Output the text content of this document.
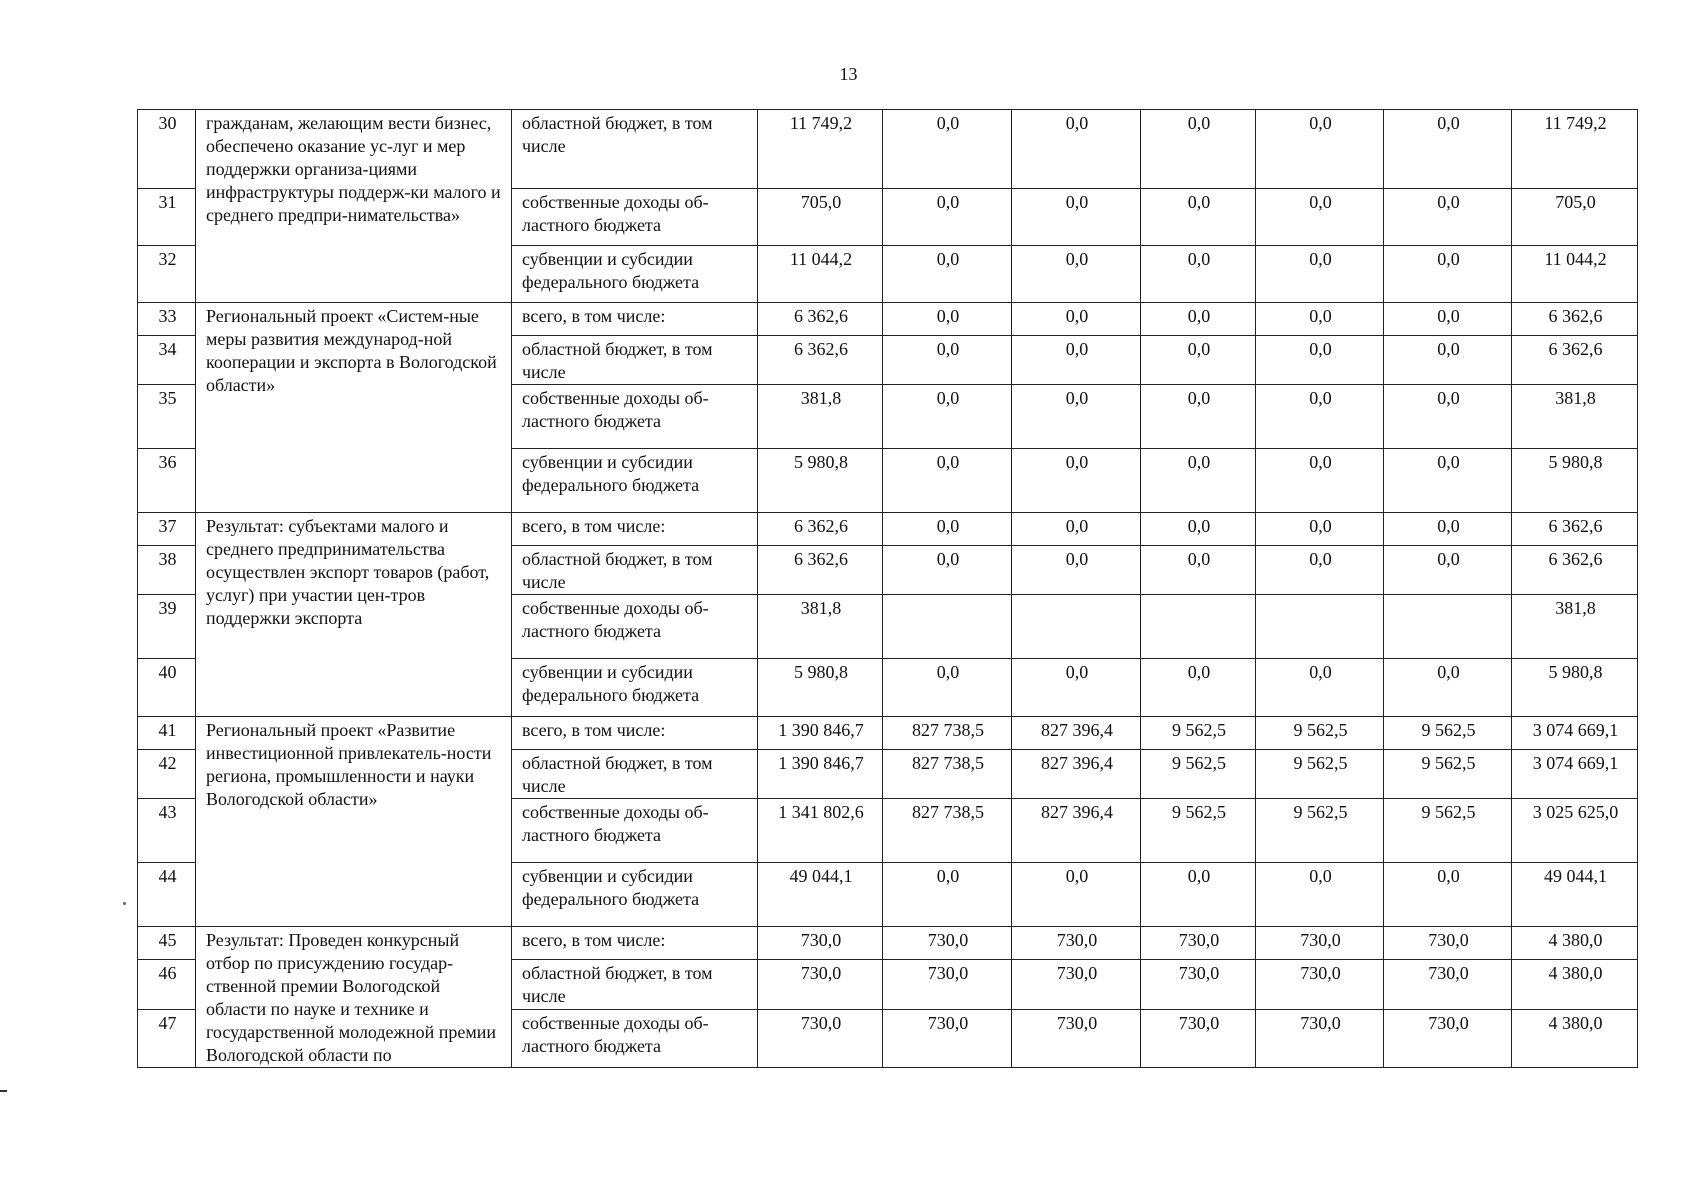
13
30	гражданам, желающим вести бизнес, обеспечено оказание ус-луг и мер поддержки организа-циями инфраструктуры поддерж-ки малого и среднего предпри-нимательства»	областной бюджет, в том числе	11 749,2	0,0	0,0	0,0	0,0	0,0	11 749,2
31		собственные доходы об-ластного бюджета	705,0	0,0	0,0	0,0	0,0	0,0	705,0
32		субвенции и субсидии федерального бюджета	11 044,2	0,0	0,0	0,0	0,0	0,0	11 044,2
33	Региональный проект «Систем-ные меры развития международ-ной кооперации и экспорта в Вологодской области»	всего, в том числе:	6 362,6	0,0	0,0	0,0	0,0	0,0	6 362,6
34		областной бюджет, в том числе	6 362,6	0,0	0,0	0,0	0,0	0,0	6 362,6
35		собственные доходы об-ластного бюджета	381,8	0,0	0,0	0,0	0,0	0,0	381,8
36		субвенции и субсидии федерального бюджета	5 980,8	0,0	0,0	0,0	0,0	0,0	5 980,8
37	Результат: субъектами малого и среднего предпринимательства осуществлен экспорт товаров (работ, услуг) при участии цен-тров поддержки экспорта	всего, в том числе:	6 362,6	0,0	0,0	0,0	0,0	0,0	6 362,6
38		областной бюджет, в том числе	6 362,6	0,0	0,0	0,0	0,0	0,0	6 362,6
39		собственные доходы об-ластного бюджета	381,8						381,8
40		субвенции и субсидии федерального бюджета	5 980,8	0,0	0,0	0,0	0,0	0,0	5 980,8
41	Региональный проект «Развитие инвестиционной привлекатель-ности региона, промышленности и науки Вологодской области»	всего, в том числе:	1 390 846,7	827 738,5	827 396,4	9 562,5	9 562,5	9 562,5	3 074 669,1
42		областной бюджет, в том числе	1 390 846,7	827 738,5	827 396,4	9 562,5	9 562,5	9 562,5	3 074 669,1
43		собственные доходы об-ластного бюджета	1 341 802,6	827 738,5	827 396,4	9 562,5	9 562,5	9 562,5	3 025 625,0
44		субвенции и субсидии федерального бюджета	49 044,1	0,0	0,0	0,0	0,0	0,0	49 044,1
45	Результат: Проведен конкурсный отбор по присуждению государ-ственной премии Вологодской области по науке и технике и государственной молодежной премии Вологодской области по	всего, в том числе:	730,0	730,0	730,0	730,0	730,0	730,0	4 380,0
46		областной бюджет, в том числе	730,0	730,0	730,0	730,0	730,0	730,0	4 380,0
47		собственные доходы об-ластного бюджета	730,0	730,0	730,0	730,0	730,0	730,0	4 380,0
